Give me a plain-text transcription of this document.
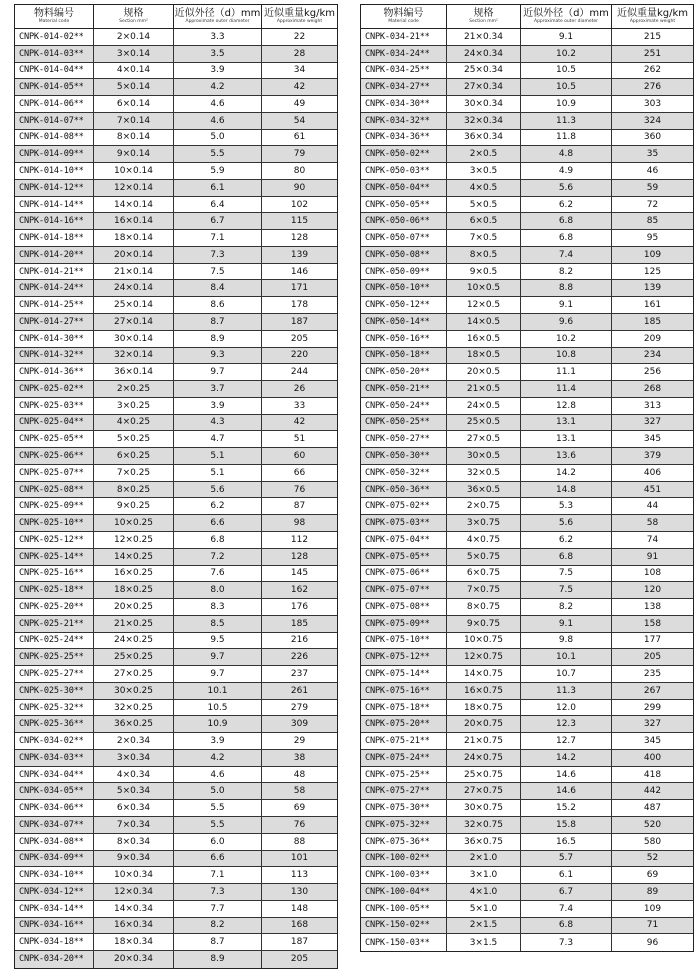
物料编号
Material code
规格
Section mm²
近似外径（d）mm
Approximate outer diameter
近似重量kg/km
Approximate weight
CNPK-014-02**	2×0.14	3.3	22
CNPK-014-03**	3×0.14	3.5	28
CNPK-014-04**	4×0.14	3.9	34
CNPK-014-05**	5×0.14	4.2	42
CNPK-014-06**	6×0.14	4.6	49
CNPK-014-07**	7×0.14	4.6	54
CNPK-014-08**	8×0.14	5.0	61
CNPK-014-09**	9×0.14	5.5	79
CNPK-014-10**	10×0.14	5.9	80
CNPK-014-12**	12×0.14	6.1	90
CNPK-014-14**	14×0.14	6.4	102
CNPK-014-16**	16×0.14	6.7	115
CNPK-014-18**	18×0.14	7.1	128
CNPK-014-20**	20×0.14	7.3	139
CNPK-014-21**	21×0.14	7.5	146
CNPK-014-24**	24×0.14	8.4	171
CNPK-014-25**	25×0.14	8.6	178
CNPK-014-27**	27×0.14	8.7	187
CNPK-014-30**	30×0.14	8.9	205
CNPK-014-32**	32×0.14	9.3	220
CNPK-014-36**	36×0.14	9.7	244
CNPK-025-02**	2×0.25	3.7	26
CNPK-025-03**	3×0.25	3.9	33
CNPK-025-04**	4×0.25	4.3	42
CNPK-025-05**	5×0.25	4.7	51
CNPK-025-06**	6×0.25	5.1	60
CNPK-025-07**	7×0.25	5.1	66
CNPK-025-08**	8×0.25	5.6	76
CNPK-025-09**	9×0.25	6.2	87
CNPK-025-10**	10×0.25	6.6	98
CNPK-025-12**	12×0.25	6.8	112
CNPK-025-14**	14×0.25	7.2	128
CNPK-025-16**	16×0.25	7.6	145
CNPK-025-18**	18×0.25	8.0	162
CNPK-025-20**	20×0.25	8.3	176
CNPK-025-21**	21×0.25	8.5	185
CNPK-025-24**	24×0.25	9.5	216
CNPK-025-25**	25×0.25	9.7	226
CNPK-025-27**	27×0.25	9.7	237
CNPK-025-30**	30×0.25	10.1	261
CNPK-025-32**	32×0.25	10.5	279
CNPK-025-36**	36×0.25	10.9	309
CNPK-034-02**	2×0.34	3.9	29
CNPK-034-03**	3×0.34	4.2	38
CNPK-034-04**	4×0.34	4.6	48
CNPK-034-05**	5×0.34	5.0	58
CNPK-034-06**	6×0.34	5.5	69
CNPK-034-07**	7×0.34	5.5	76
CNPK-034-08**	8×0.34	6.0	88
CNPK-034-09**	9×0.34	6.6	101
CNPK-034-10**	10×0.34	7.1	113
CNPK-034-12**	12×0.34	7.3	130
CNPK-034-14**	14×0.34	7.7	148
CNPK-034-16**	16×0.34	8.2	168
CNPK-034-18**	18×0.34	8.7	187
CNPK-034-20**	20×0.34	8.9	205
物料编号
Material code
规格
Section mm²
近似外径（d）mm
Approximate outer diameter
近似重量kg/km
Approximate weight
CNPK-034-21**	21×0.34	9.1	215
CNPK-034-24**	24×0.34	10.2	251
CNPK-034-25**	25×0.34	10.5	262
CNPK-034-27**	27×0.34	10.5	276
CNPK-034-30**	30×0.34	10.9	303
CNPK-034-32**	32×0.34	11.3	324
CNPK-034-36**	36×0.34	11.8	360
CNPK-050-02**	2×0.5	4.8	35
CNPK-050-03**	3×0.5	4.9	46
CNPK-050-04**	4×0.5	5.6	59
CNPK-050-05**	5×0.5	6.2	72
CNPK-050-06**	6×0.5	6.8	85
CNPK-050-07**	7×0.5	6.8	95
CNPK-050-08**	8×0.5	7.4	109
CNPK-050-09**	9×0.5	8.2	125
CNPK-050-10**	10×0.5	8.8	139
CNPK-050-12**	12×0.5	9.1	161
CNPK-050-14**	14×0.5	9.6	185
CNPK-050-16**	16×0.5	10.2	209
CNPK-050-18**	18×0.5	10.8	234
CNPK-050-20**	20×0.5	11.1	256
CNPK-050-21**	21×0.5	11.4	268
CNPK-050-24**	24×0.5	12.8	313
CNPK-050-25**	25×0.5	13.1	327
CNPK-050-27**	27×0.5	13.1	345
CNPK-050-30**	30×0.5	13.6	379
CNPK-050-32**	32×0.5	14.2	406
CNPK-050-36**	36×0.5	14.8	451
CNPK-075-02**	2×0.75	5.3	44
CNPK-075-03**	3×0.75	5.6	58
CNPK-075-04**	4×0.75	6.2	74
CNPK-075-05**	5×0.75	6.8	91
CNPK-075-06**	6×0.75	7.5	108
CNPK-075-07**	7×0.75	7.5	120
CNPK-075-08**	8×0.75	8.2	138
CNPK-075-09**	9×0.75	9.1	158
CNPK-075-10**	10×0.75	9.8	177
CNPK-075-12**	12×0.75	10.1	205
CNPK-075-14**	14×0.75	10.7	235
CNPK-075-16**	16×0.75	11.3	267
CNPK-075-18**	18×0.75	12.0	299
CNPK-075-20**	20×0.75	12.3	327
CNPK-075-21**	21×0.75	12.7	345
CNPK-075-24**	24×0.75	14.2	400
CNPK-075-25**	25×0.75	14.6	418
CNPK-075-27**	27×0.75	14.6	442
CNPK-075-30**	30×0.75	15.2	487
CNPK-075-32**	32×0.75	15.8	520
CNPK-075-36**	36×0.75	16.5	580
CNPK-100-02**	2×1.0	5.7	52
CNPK-100-03**	3×1.0	6.1	69
CNPK-100-04**	4×1.0	6.7	89
CNPK-100-05**	5×1.0	7.4	109
CNPK-150-02**	2×1.5	6.8	71
CNPK-150-03**	3×1.5	7.3	96
